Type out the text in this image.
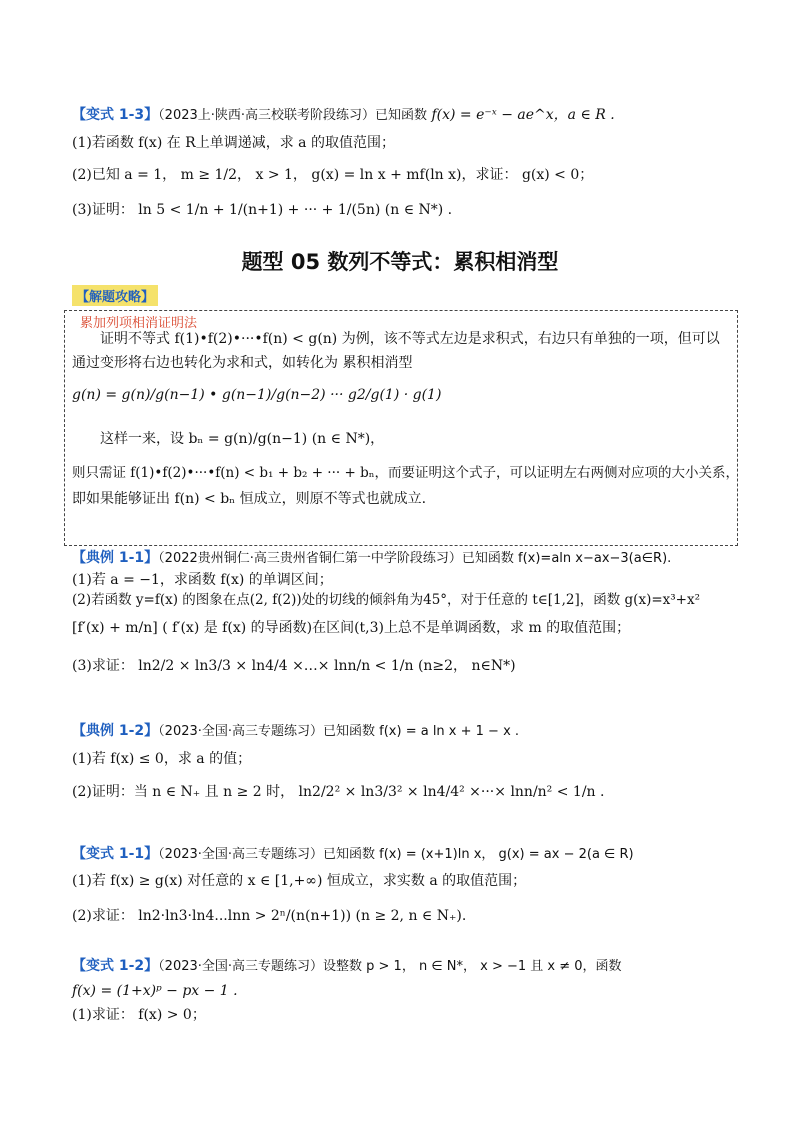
【变式 1-3】（2023上·陕西·高三校联考阶段练习）已知函数 f(x) = e⁻ˣ − ae^x，a ∈ R .
(1)若函数 f(x) 在 R上单调递减，求 a 的取值范围；
(2)已知 a = 1， m ≥ 1/2， x > 1， g(x) = ln x + mf(ln x)，求证： g(x) < 0；
(3)证明： ln 5 < 1/n + 1/(n+1) + ··· + 1/(5n) (n ∈ N*) .
题型 05 数列不等式：累积相消型
【解题攻略】
累加列项相消证明法
证明不等式 f(1)•f(2)•···•f(n) < g(n) 为例，该不等式左边是求积式，右边只有单独的一项，但可以
通过变形将右边也转化为求和式，如转化为 累积相消型
g(n) = g(n)/g(n−1) • g(n−1)/g(n−2) ··· g2/g(1) · g(1)
这样一来，设 bₙ = g(n)/g(n−1) (n ∈ N*)，
则只需证 f(1)•f(2)•···•f(n) < b₁ + b₂ + ··· + bₙ，而要证明这个式子，可以证明左右两侧对应项的大小关系，
即如果能够证出 f(n) < bₙ 恒成立，则原不等式也就成立.
【典例 1-1】（2022贵州铜仁·高三贵州省铜仁第一中学阶段练习）已知函数 f(x)=aln x−ax−3(a∈R).
(1)若 a = −1，求函数 f(x) 的单调区间；
(2)若函数 y=f(x) 的图象在点(2, f(2))处的切线的倾斜角为45°，对于任意的 t∈[1,2]，函数 g(x)=x³+x²
[f′(x) + m/n] ( f′(x) 是 f(x) 的导函数)在区间(t,3)上总不是单调函数，求 m 的取值范围；
(3)求证： ln2/2 × ln3/3 × ln4/4 ×…× lnn/n < 1/n (n≥2， n∈N*)
【典例 1-2】（2023·全国·高三专题练习）已知函数 f(x) = a ln x + 1 − x .
(1)若 f(x) ≤ 0，求 a 的值；
(2)证明：当 n ∈ N₊ 且 n ≥ 2 时， ln2/2² × ln3/3² × ln4/4² ×···× lnn/n² < 1/n .
【变式 1-1】（2023·全国·高三专题练习）已知函数 f(x) = (x+1)ln x， g(x) = ax − 2(a ∈ R)
(1)若 f(x) ≥ g(x) 对任意的 x ∈ [1,+∞) 恒成立，求实数 a 的取值范围；
(2)求证： ln2·ln3·ln4...lnn > 2ⁿ/(n(n+1)) (n ≥ 2, n ∈ N₊).
【变式 1-2】（2023·全国·高三专题练习）设整数 p > 1， n ∈ N*， x > −1 且 x ≠ 0，函数
f(x) = (1+x)ᵖ − px − 1 .
(1)求证： f(x) > 0；
